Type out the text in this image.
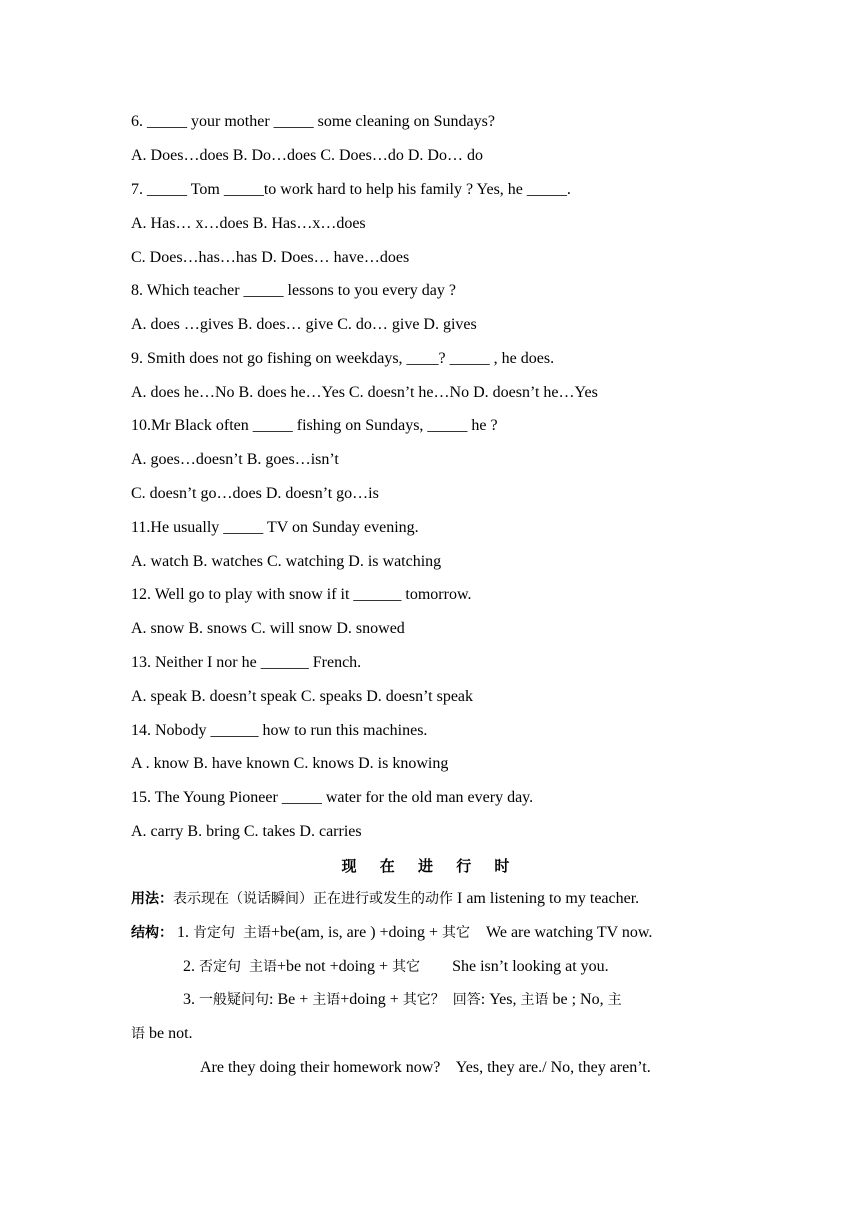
6. _____ your mother _____ some cleaning on Sundays?
A. Does…does B. Do…does C. Does…do D. Do… do
7. _____ Tom _____to work hard to help his family ? Yes, he _____.
A. Has… x…does B. Has…x…does
C. Does…has…has D. Does… have…does
8. Which teacher _____ lessons to you every day ?
A. does …gives B. does… give C. do… give D. gives
9. Smith does not go fishing on weekdays, ____? _____ , he does.
A. does he…No B. does he…Yes C. doesn’t he…No D. doesn’t he…Yes
10.Mr Black often _____ fishing on Sundays, _____ he ?
A. goes…doesn’t B. goes…isn’t
C. doesn’t go…does D. doesn’t go…is
11.He usually _____ TV on Sunday evening.
A. watch B. watches C. watching D. is watching
12. Well go to play with snow if it ______ tomorrow.
A. snow B. snows C. will snow D. snowed
13. Neither I nor he ______ French.
A. speak B. doesn’t speak C. speaks D. doesn’t speak
14. Nobody ______ how to run this machines.
A . know B. have known C. knows D. is knowing
15. The Young Pioneer _____ water for the old man every day.
A. carry B. bring C. takes D. carries
现 在 进 行 时
用法：表示现在（说话瞬间）正在进行或发生的动作 I am listening to my teacher.
结构： 1. 肯定句 主语+be(am, is, are ) +doing + 其它 We are watching TV now.
2. 否定句 主语+be not +doing + 其它 She isn’t looking at you.
3. 一般疑问句: Be + 主语+doing + 其它？ 回答: Yes, 主语 be ; No, 主
语 be not.
Are they doing their homework now? Yes, they are./ No, they aren’t.
